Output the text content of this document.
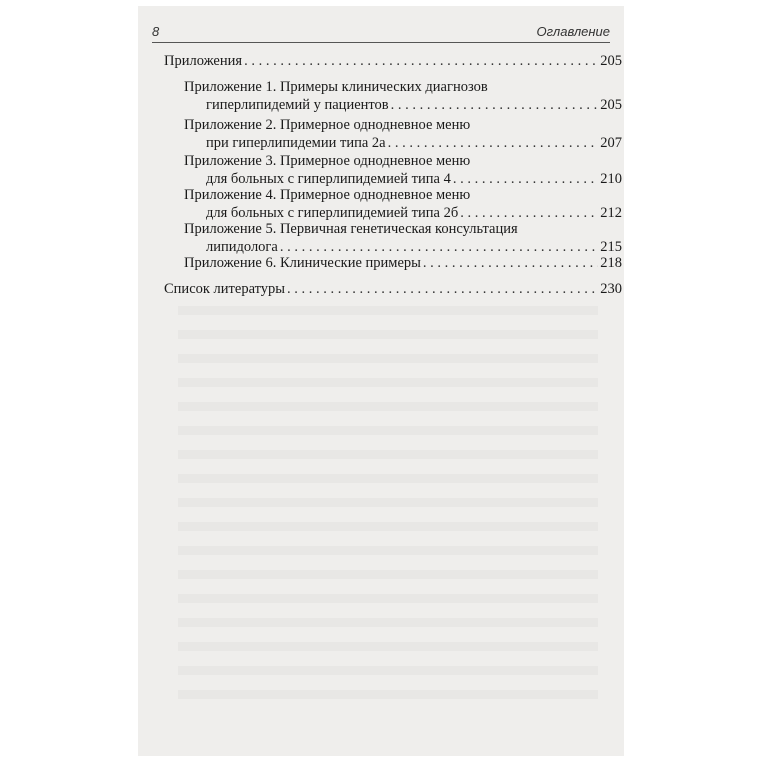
8	Оглавление
Приложения . . .	205
Приложение 1. Примеры клинических диагнозов
гиперлипидемий у пациентов . . .	205
Приложение 2. Примерное однодневное меню
при гиперлипидемии типа 2а . . .	207
Приложение 3. Примерное однодневное меню
для больных с гиперлипидемией типа 4 . . .	210
Приложение 4. Примерное однодневное меню
для больных с гиперлипидемией типа 2б . . .	212
Приложение 5. Первичная генетическая консультация
липидолога . . .	215
Приложение 6. Клинические примеры . . .	218
Список литературы . . .	230
